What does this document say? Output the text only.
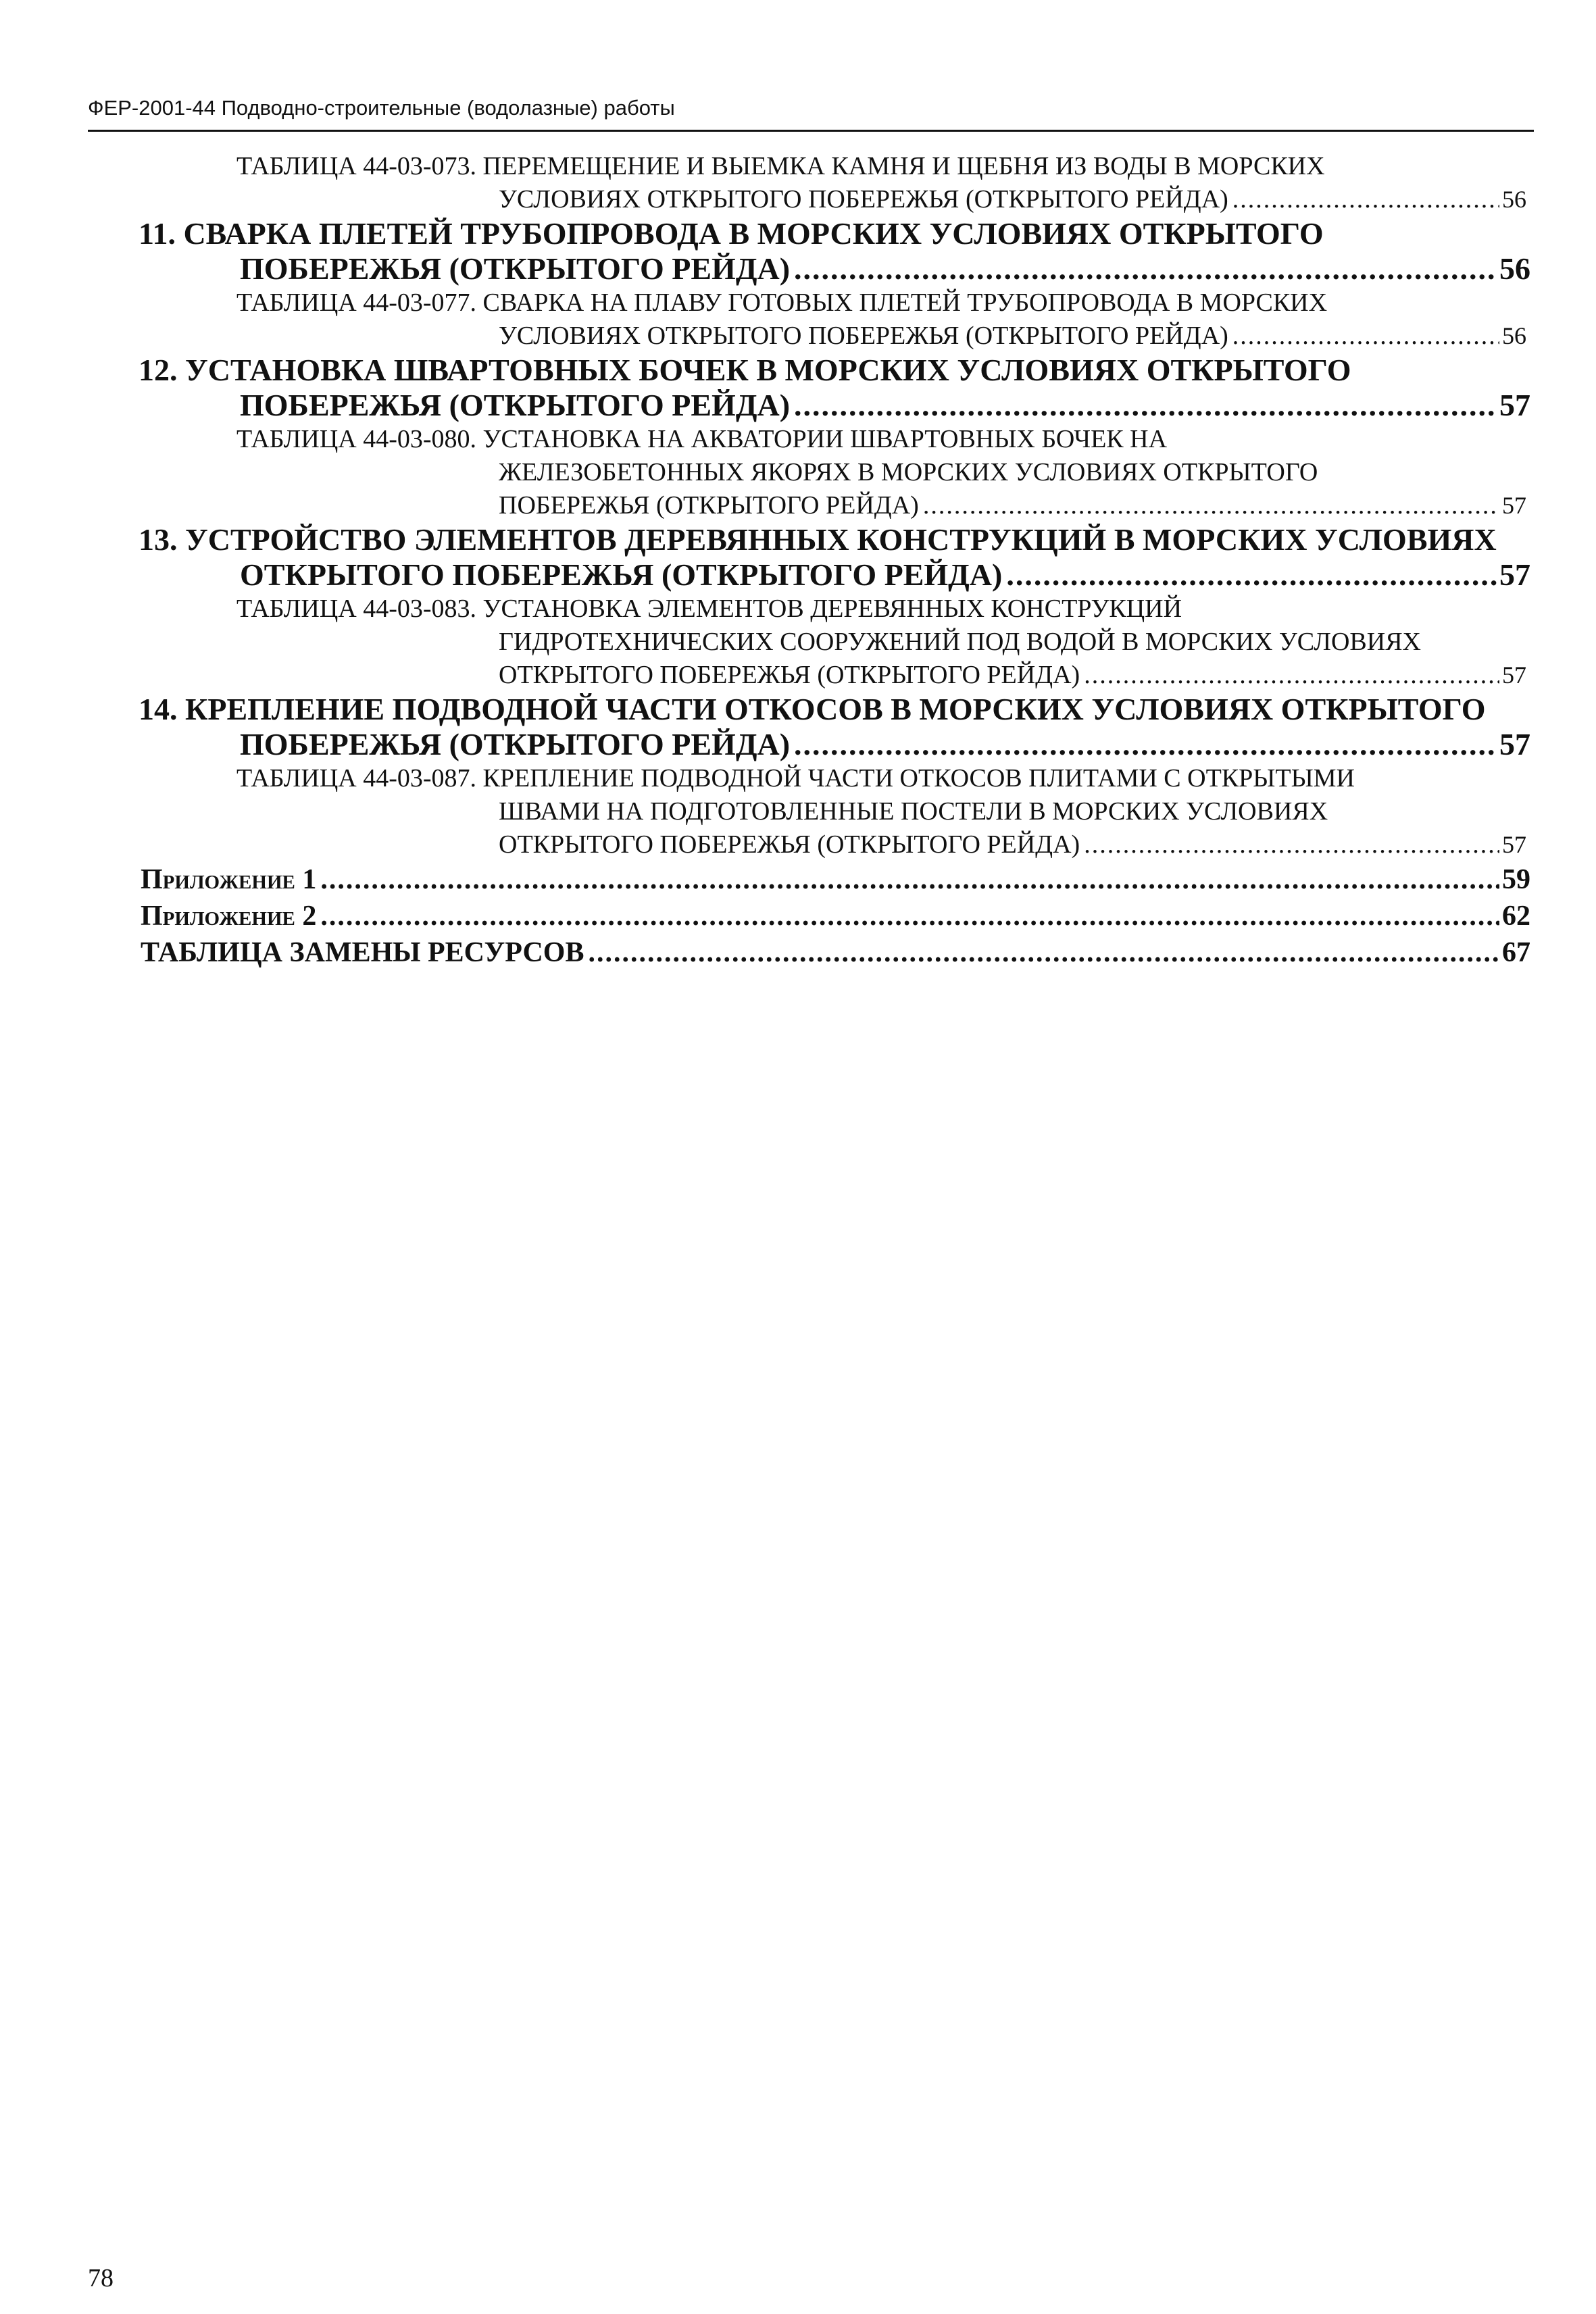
ФЕР-2001-44 Подводно-строительные (водолазные) работы
ТАБЛИЦА 44-03-073. ПЕРЕМЕЩЕНИЕ И ВЫЕМКА КАМНЯ И ЩЕБНЯ ИЗ ВОДЫ В МОРСКИХ
УСЛОВИЯХ ОТКРЫТОГО ПОБЕРЕЖЬЯ (ОТКРЫТОГО РЕЙДА) .....	56
11. СВАРКА ПЛЕТЕЙ ТРУБОПРОВОДА В МОРСКИХ УСЛОВИЯХ ОТКРЫТОГО
ПОБЕРЕЖЬЯ (ОТКРЫТОГО РЕЙДА) .....	56
ТАБЛИЦА 44-03-077. СВАРКА НА ПЛАВУ ГОТОВЫХ ПЛЕТЕЙ ТРУБОПРОВОДА В МОРСКИХ
УСЛОВИЯХ ОТКРЫТОГО ПОБЕРЕЖЬЯ (ОТКРЫТОГО РЕЙДА) .....	56
12. УСТАНОВКА ШВАРТОВНЫХ БОЧЕК В МОРСКИХ УСЛОВИЯХ ОТКРЫТОГО
ПОБЕРЕЖЬЯ (ОТКРЫТОГО РЕЙДА) .....	57
ТАБЛИЦА 44-03-080. УСТАНОВКА НА АКВАТОРИИ ШВАРТОВНЫХ БОЧЕК НА
ЖЕЛЕЗОБЕТОННЫХ ЯКОРЯХ В МОРСКИХ УСЛОВИЯХ ОТКРЫТОГО
ПОБЕРЕЖЬЯ (ОТКРЫТОГО РЕЙДА) .....	57
13. УСТРОЙСТВО ЭЛЕМЕНТОВ ДЕРЕВЯННЫХ КОНСТРУКЦИЙ В МОРСКИХ УСЛОВИЯХ
ОТКРЫТОГО ПОБЕРЕЖЬЯ (ОТКРЫТОГО РЕЙДА) .....	57
ТАБЛИЦА 44-03-083. УСТАНОВКА ЭЛЕМЕНТОВ ДЕРЕВЯННЫХ КОНСТРУКЦИЙ
ГИДРОТЕХНИЧЕСКИХ СООРУЖЕНИЙ ПОД ВОДОЙ В МОРСКИХ УСЛОВИЯХ
ОТКРЫТОГО ПОБЕРЕЖЬЯ (ОТКРЫТОГО РЕЙДА) .....	57
14. КРЕПЛЕНИЕ ПОДВОДНОЙ ЧАСТИ ОТКОСОВ В МОРСКИХ УСЛОВИЯХ ОТКРЫТОГО
ПОБЕРЕЖЬЯ (ОТКРЫТОГО РЕЙДА) .....	57
ТАБЛИЦА 44-03-087. КРЕПЛЕНИЕ ПОДВОДНОЙ ЧАСТИ ОТКОСОВ ПЛИТАМИ С ОТКРЫТЫМИ
ШВАМИ НА ПОДГОТОВЛЕННЫЕ ПОСТЕЛИ В МОРСКИХ УСЛОВИЯХ
ОТКРЫТОГО ПОБЕРЕЖЬЯ (ОТКРЫТОГО РЕЙДА) .....	57
Приложение 1 .....	59
Приложение 2 .....	62
ТАБЛИЦА ЗАМЕНЫ РЕСУРСОВ .....	67
78
